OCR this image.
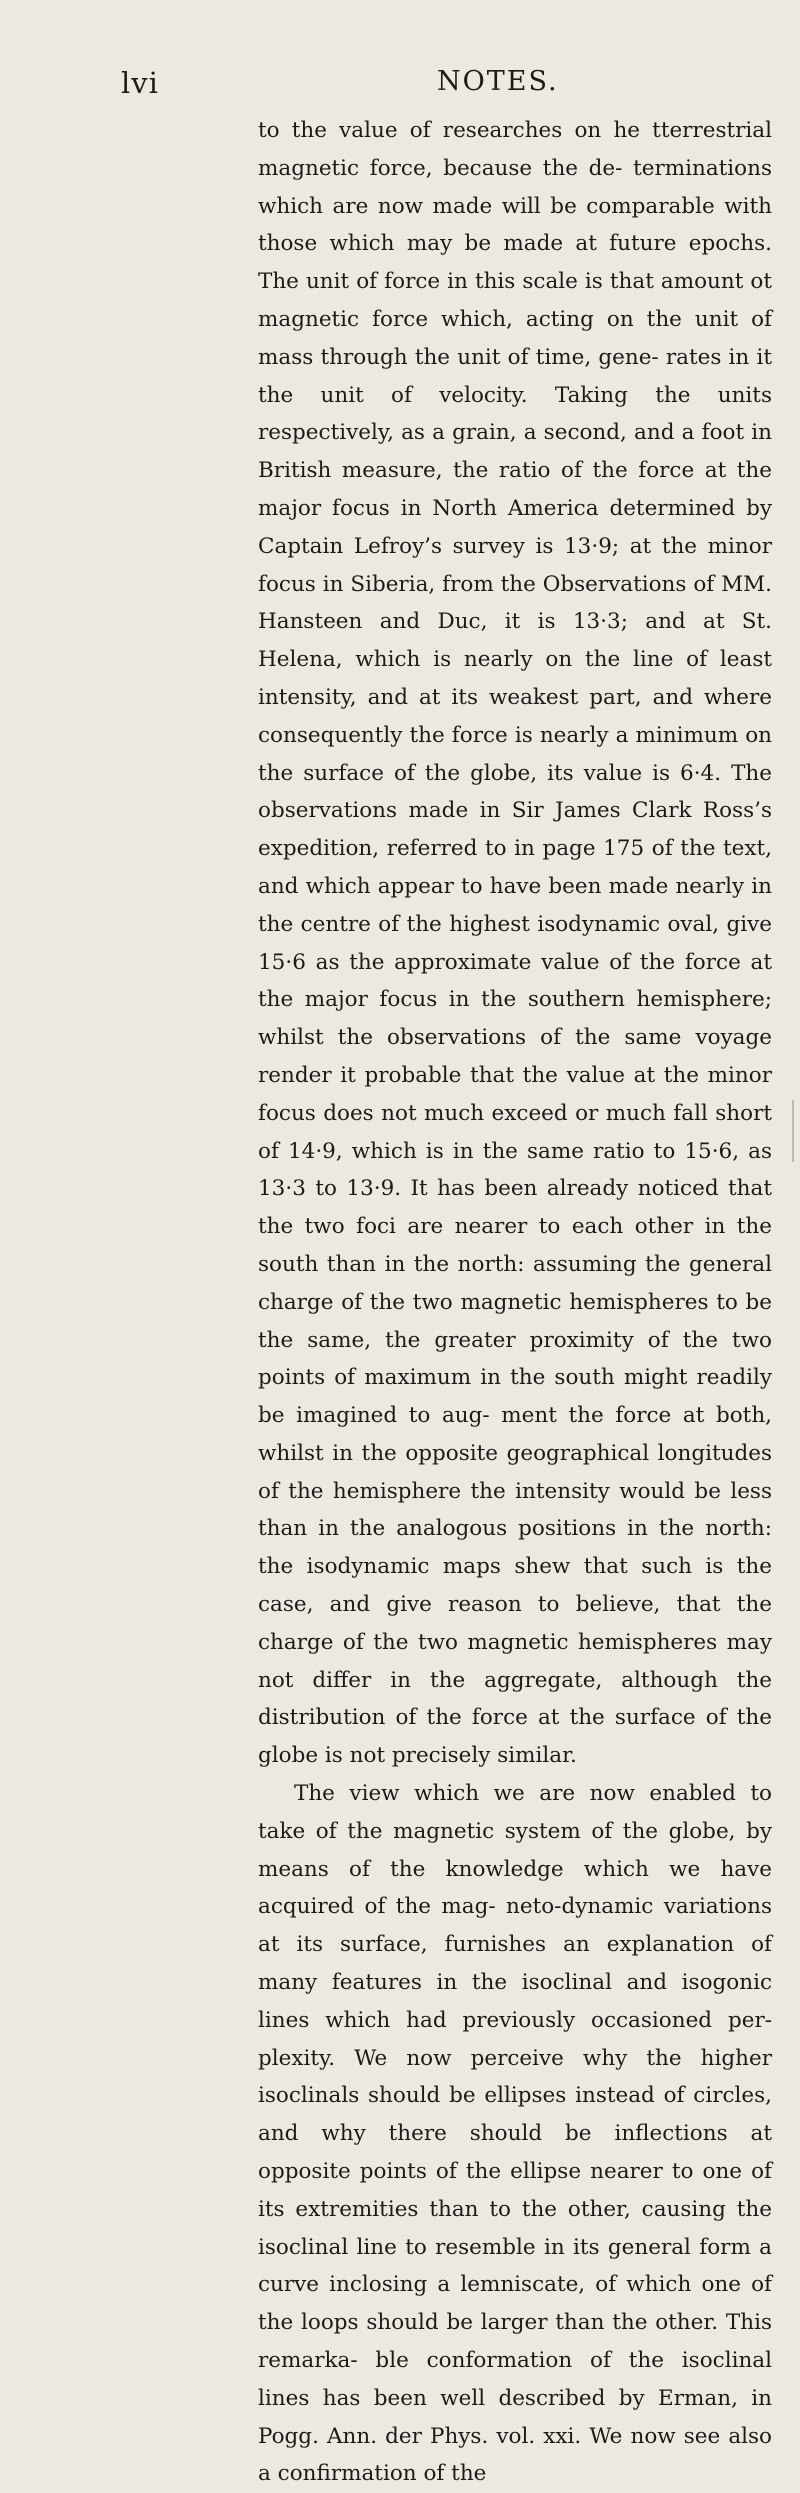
lvi	NOTES.

to the value of researches on he tterrestrial magnetic force, because the de- terminations which are now made will be comparable with those which may be made at future epochs. The unit of force in this scale is that amount ot magnetic force which, acting on the unit of mass through the unit of time, gene- rates in it the unit of velocity. Taking the units respectively, as a grain, a second, and a foot in British measure, the ratio of the force at the major focus in North America determined by Captain Lefroy’s survey is 13·9; at the minor focus in Siberia, from the Observations of MM. Hansteen and Duc, it is 13·3; and at St. Helena, which is nearly on the line of least intensity, and at its weakest part, and where consequently the force is nearly a minimum on the surface of the globe, its value is 6·4. The observations made in Sir James Clark Ross’s expedition, referred to in page 175 of the text, and which appear to have been made nearly in the centre of the highest isodynamic oval, give 15·6 as the approximate value of the force at the major focus in the southern hemisphere; whilst the observations of the same voyage render it probable that the value at the minor focus does not much exceed or much fall short of 14·9, which is in the same ratio to 15·6, as 13·3 to 13·9. It has been already noticed that the two foci are nearer to each other in the south than in the north: assuming the general charge of the two magnetic hemispheres to be the same, the greater proximity of the two points of maximum in the south might readily be imagined to aug- ment the force at both, whilst in the opposite geographical longitudes of the hemisphere the intensity would be less than in the analogous positions in the north: the isodynamic maps shew that such is the case, and give reason to believe, that the charge of the two magnetic hemispheres may not differ in the aggregate, although the distribution of the force at the surface of the globe is not precisely similar.

The view which we are now enabled to take of the magnetic system of the globe, by means of the knowledge which we have acquired of the mag- neto-dynamic variations at its surface, furnishes an explanation of many features in the isoclinal and isogonic lines which had previously occasioned per- plexity. We now perceive why the higher isoclinals should be ellipses instead of circles, and why there should be inflections at opposite points of the ellipse nearer to one of its extremities than to the other, causing the isoclinal line to resemble in its general form a curve inclosing a lemniscate, of which one of the loops should be larger than the other. This remarka- ble conformation of the isoclinal lines has been well described by Erman, in Pogg. Ann. der Phys. vol. xxi. We now see also a confirmation of the
